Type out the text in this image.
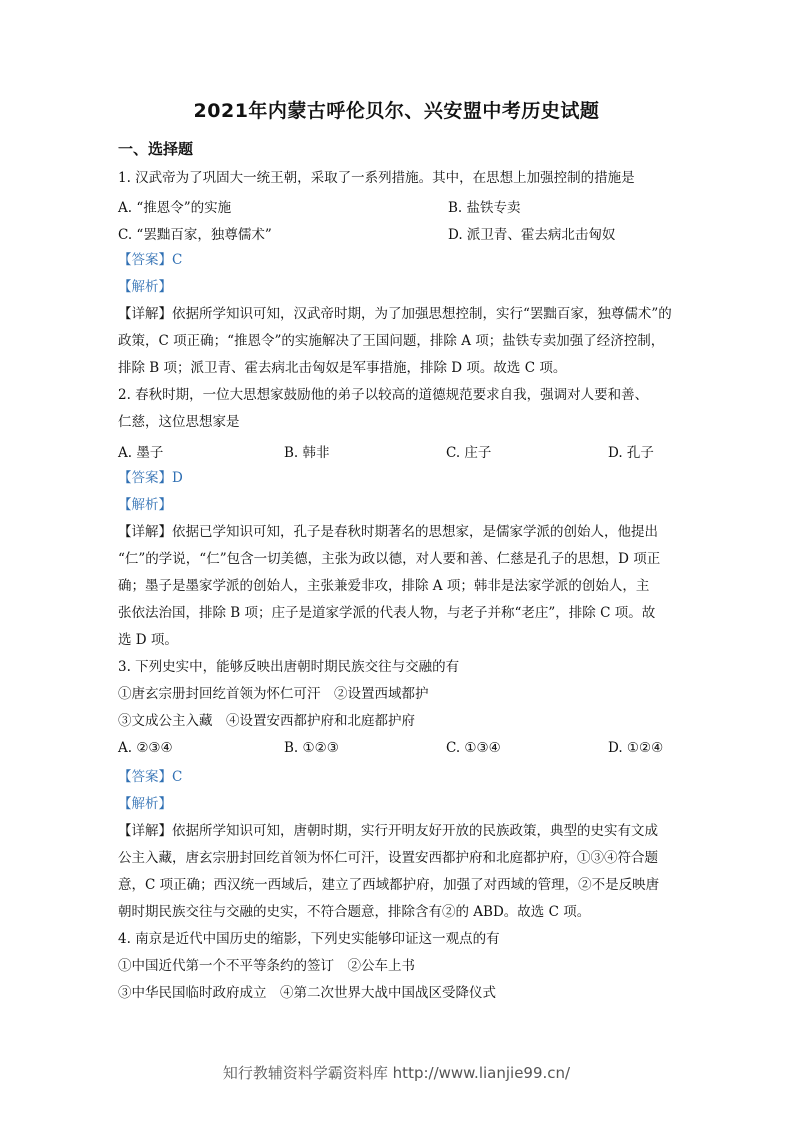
2021年内蒙古呼伦贝尔、兴安盟中考历史试题
一、选择题
1. 汉武帝为了巩固大一统王朝，采取了一系列措施。其中，在思想上加强控制的措施是
A. “推恩令”的实施	B. 盐铁专卖
C. “罢黜百家，独尊儒术”	D. 派卫青、霍去病北击匈奴
【答案】C
【解析】
【详解】依据所学知识可知，汉武帝时期，为了加强思想控制，实行“罢黜百家，独尊儒术”的
政策，C 项正确；“推恩令”的实施解决了王国问题，排除 A 项；盐铁专卖加强了经济控制，
排除 B 项；派卫青、霍去病北击匈奴是军事措施，排除 D 项。故选 C 项。
2. 春秋时期，一位大思想家鼓励他的弟子以较高的道德规范要求自我，强调对人要和善、
仁慈，这位思想家是
A. 墨子	B. 韩非	C. 庄子	D. 孔子
【答案】D
【解析】
【详解】依据已学知识可知，孔子是春秋时期著名的思想家，是儒家学派的创始人，他提出
“仁”的学说，“仁”包含一切美德，主张为政以德，对人要和善、仁慈是孔子的思想，D 项正
确；墨子是墨家学派的创始人，主张兼爱非攻，排除 A 项；韩非是法家学派的创始人，主
张依法治国，排除 B 项；庄子是道家学派的代表人物，与老子并称“老庄”，排除 C 项。故
选 D 项。
3. 下列史实中，能够反映出唐朝时期民族交往与交融的有
①唐玄宗册封回纥首领为怀仁可汗　②设置西域都护
③文成公主入藏　④设置安西都护府和北庭都护府
A. ②③④	B. ①②③	C. ①③④	D. ①②④
【答案】C
【解析】
【详解】依据所学知识可知，唐朝时期，实行开明友好开放的民族政策，典型的史实有文成
公主入藏，唐玄宗册封回纥首领为怀仁可汗，设置安西都护府和北庭都护府，①③④符合题
意，C 项正确；西汉统一西域后，建立了西域都护府，加强了对西域的管理，②不是反映唐
朝时期民族交往与交融的史实，不符合题意，排除含有②的 ABD。故选 C 项。
4. 南京是近代中国历史的缩影，下列史实能够印证这一观点的有
①中国近代第一个不平等条约的签订　②公车上书
③中华民国临时政府成立　④第二次世界大战中国战区受降仪式
知行教辅资料学霸资料库 http://www.lianjie99.cn/
